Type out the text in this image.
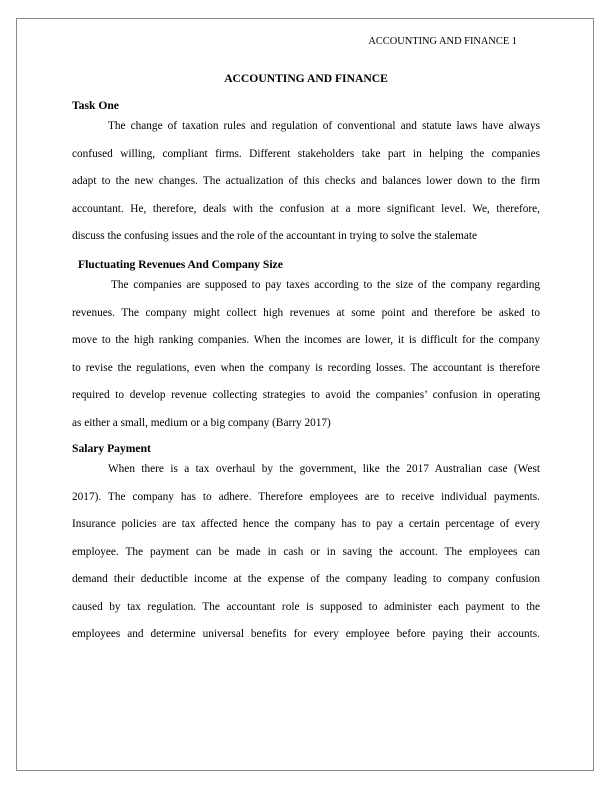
ACCOUNTING AND FINANCE 1
ACCOUNTING AND FINANCE
Task One
The change of taxation rules and regulation of conventional and statute laws have always
confused willing, compliant firms. Different stakeholders take part in helping the companies
adapt to the new changes. The actualization of this checks and balances lower down to the firm
accountant. He, therefore, deals with the confusion at a more significant level. We, therefore,
discuss the confusing issues and the role of the accountant in trying to solve the stalemate
Fluctuating Revenues And Company Size
The companies are supposed to pay taxes according to the size of the company regarding
revenues. The company might collect high revenues at some point and therefore be asked to
move to the high ranking companies. When the incomes are lower, it is difficult for the company
to revise the regulations, even when the company is recording losses. The accountant is therefore
required to develop revenue collecting strategies to avoid the companies’ confusion in operating
as either a small, medium or a big company (Barry 2017)
Salary Payment
When there is a tax overhaul by the government, like the 2017 Australian case (West
2017). The company has to adhere. Therefore employees are to receive individual payments.
Insurance policies are tax affected hence the company has to pay a certain percentage of every
employee. The payment can be made in cash or in saving the account. The employees can
demand their deductible income at the expense of the company leading to company confusion
caused by tax regulation. The accountant role is supposed to administer each payment to the
employees and determine universal benefits for every employee before paying their accounts.
